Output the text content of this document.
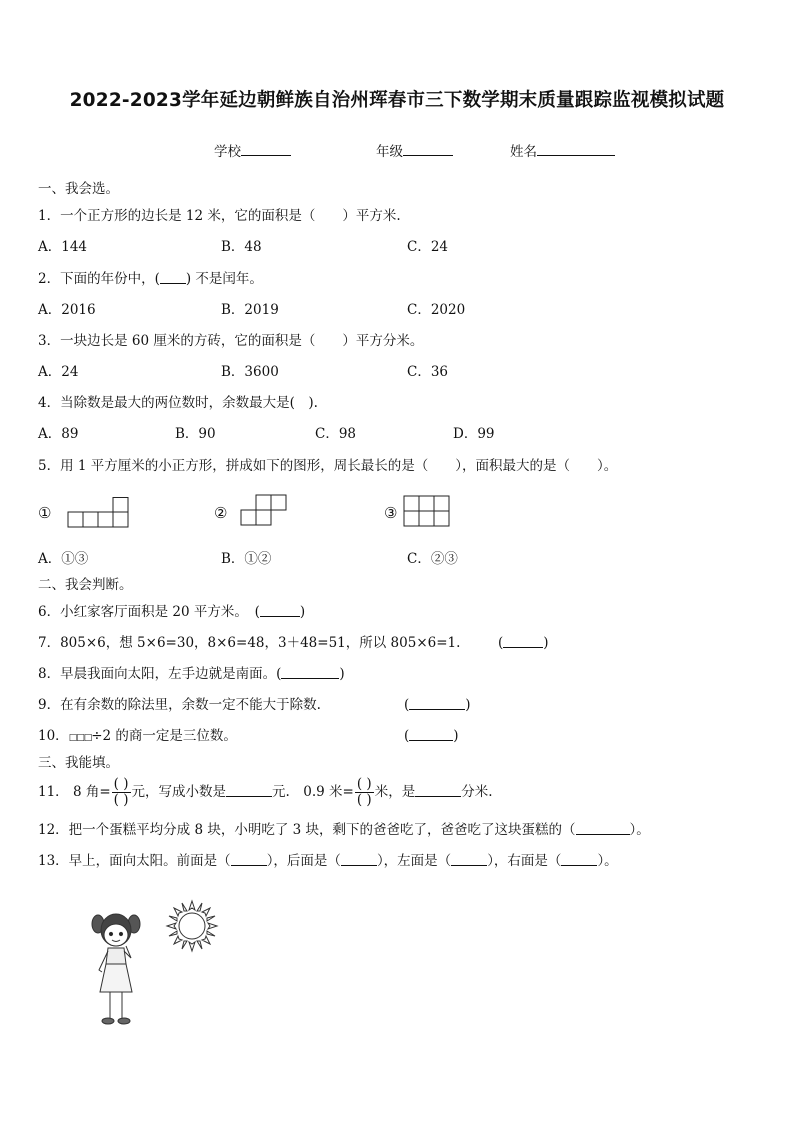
2022-2023学年延边朝鲜族自治州珲春市三下数学期末质量跟踪监视模拟试题
学校	年级	姓名
一、我会选。
1．一个正方形的边长是 12 米，它的面积是（　　）平方米.
A．144	B．48	C．24
2．下面的年份中，( ) 不是闰年。
A．2016	B．2019	C．2020
3．一块边长是 60 厘米的方砖，它的面积是（　　）平方分米。
A．24	B．3600	C．36
4．当除数是最大的两位数时，余数最大是(　).
A．89	B．90	C．98	D．99
5．用 1 平方厘米的小正方形，拼成如下的图形，周长最长的是（　　），面积最大的是（　　）。
①	②	③
A．①③	B．①②	C．②③
二、我会判断。
6．小红家客厅面积是 20 平方米。　(	)
7．805×6，想 5×6=30，8×6=48，3＋48=51，所以 805×6=1.	(	)
8．早晨我面向太阳，左手边就是南面。(	)
9．在有余数的除法里，余数一定不能大于除数.	(	)
10．□□□÷2 的商一定是三位数。	(	)
三、我能填。
11． 8 角= $\frac{( )}{( )}$ 元，写成小数是	元.　0.9 米= $\frac{( )}{( )}$ 米，是	分米.
12．把一个蛋糕平均分成 8 块，小明吃了 3 块，剩下的爸爸吃了，爸爸吃了这块蛋糕的（	）。
13．早上，面向太阳。前面是（	），后面是（	），左面是（	），右面是（	）。
